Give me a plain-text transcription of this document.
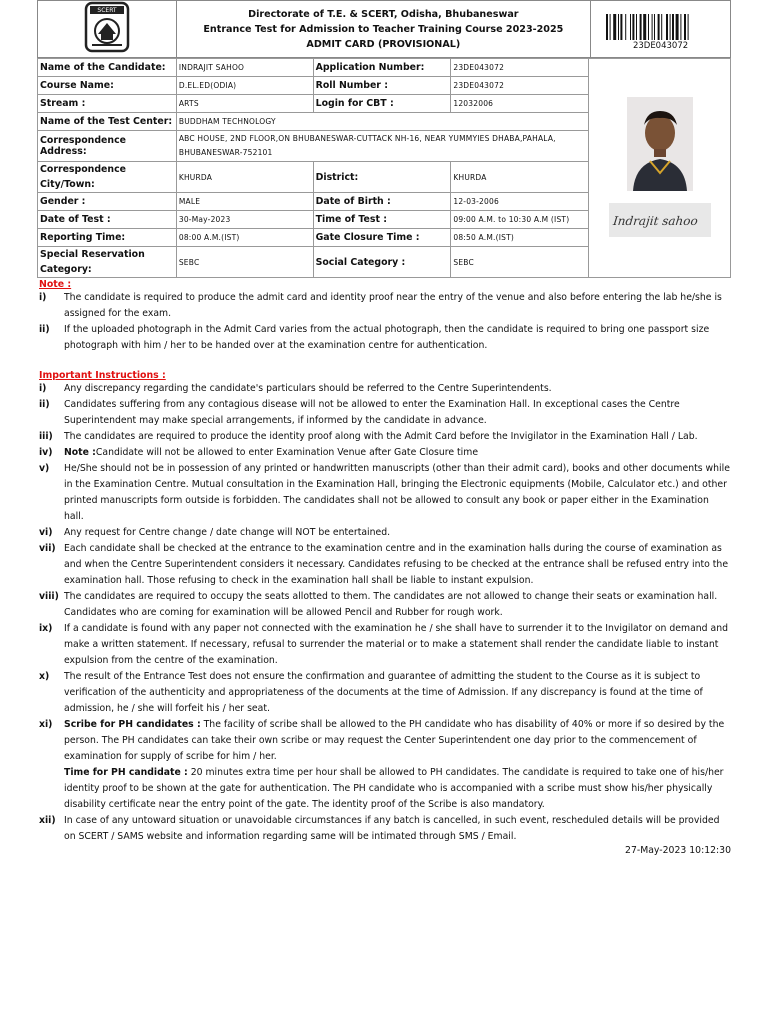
SCERT	Directorate of T.E. & SCERT, Odisha, Bhubaneswar
Entrance Test for Admission to Teacher Training Course 2023-2025
ADMIT CARD (PROVISIONAL)	23DE043072
Name of the Candidate:	INDRAJIT SAHOO	Application Number:	23DE043072	Indrajit sahoo

Course Name:	D.EL.ED(ODIA)	Roll Number :	23DE043072	
Stream :	ARTS	Login for CBT :	12032006	
Name of the Test Center:	BUDDHAM TECHNOLOGY			
Correspondence Address:	ABC HOUSE, 2ND FLOOR,ON BHUBANESWAR-CUTTACK NH-16, NEAR YUMMYIES DHABA,PAHALA, BHUBANESWAR-752101			
Correspondence City/Town:	KHURDA	District:	KHURDA	
Gender :	MALE	Date of Birth :	12-03-2006	
Date of Test :	30-May-2023	Time of Test :	09:00 A.M. to 10:30 A.M (IST)	
Reporting Time:	08:00 A.M.(IST)	Gate Closure Time :	08:50 A.M.(IST)	
Special Reservation Category:	SEBC	Social Category :	SEBC	
Note :
i) The candidate is required to produce the admit card and identity proof near the entry of the venue and also before entering the lab he/she is assigned for the exam.
ii) If the uploaded photograph in the Admit Card varies from the actual photograph, then the candidate is required to bring one passport size photograph with him / her to be handed over at the examination centre for authentication.
Important Instructions :
i) Any discrepancy regarding the candidate's particulars should be referred to the Centre Superintendents.
ii) Candidates suffering from any contagious disease will not be allowed to enter the Examination Hall. In exceptional cases the Centre Superintendent may make special arrangements, if informed by the candidate in advance.
iii) The candidates are required to produce the identity proof along with the Admit Card before the Invigilator in the Examination Hall / Lab.
iv) Note :Candidate will not be allowed to enter Examination Venue after Gate Closure time
v) He/She should not be in possession of any printed or handwritten manuscripts (other than their admit card), books and other documents while in the Examination Centre. Mutual consultation in the Examination Hall, bringing the Electronic equipments (Mobile, Calculator etc.) and other printed manuscripts form outside is forbidden. The candidates shall not be allowed to consult any book or paper either in the Examination hall.
vi) Any request for Centre change / date change will NOT be entertained.
vii) Each candidate shall be checked at the entrance to the examination centre and in the examination halls during the course of examination as and when the Centre Superintendent considers it necessary. Candidates refusing to be checked at the entrance shall be refused entry into the examination hall. Those refusing to check in the examination hall shall be liable to instant expulsion.
viii) The candidates are required to occupy the seats allotted to them. The candidates are not allowed to change their seats or examination hall. Candidates who are coming for examination will be allowed Pencil and Rubber for rough work.
ix) If a candidate is found with any paper not connected with the examination he / she shall have to surrender it to the Invigilator on demand and make a written statement. If necessary, refusal to surrender the material or to make a statement shall render the candidate liable to instant expulsion from the centre of the examination.
x) The result of the Entrance Test does not ensure the confirmation and guarantee of admitting the student to the Course as it is subject to verification of the authenticity and appropriateness of the documents at the time of Admission. If any discrepancy is found at the time of admission, he / she will forfeit his / her seat.
xi) Scribe for PH candidates : The facility of scribe shall be allowed to the PH candidate who has disability of 40% or more if so desired by the person. The PH candidates can take their own scribe or may request the Center Superintendent one day prior to the commencement of examination for supply of scribe for him / her.
Time for PH candidate : 20 minutes extra time per hour shall be allowed to PH candidates. The candidate is required to take one of his/her identity proof to be shown at the gate for authentication. The PH candidate who is accompanied with a scribe must show his/her physically disability certificate near the entry point of the gate. The identity proof of the Scribe is also mandatory.
xii) In case of any untoward situation or unavoidable circumstances if any batch is cancelled, in such event, rescheduled details will be provided on SCERT / SAMS website and information regarding same will be intimated through SMS / Email.
27-May-2023 10:12:30
